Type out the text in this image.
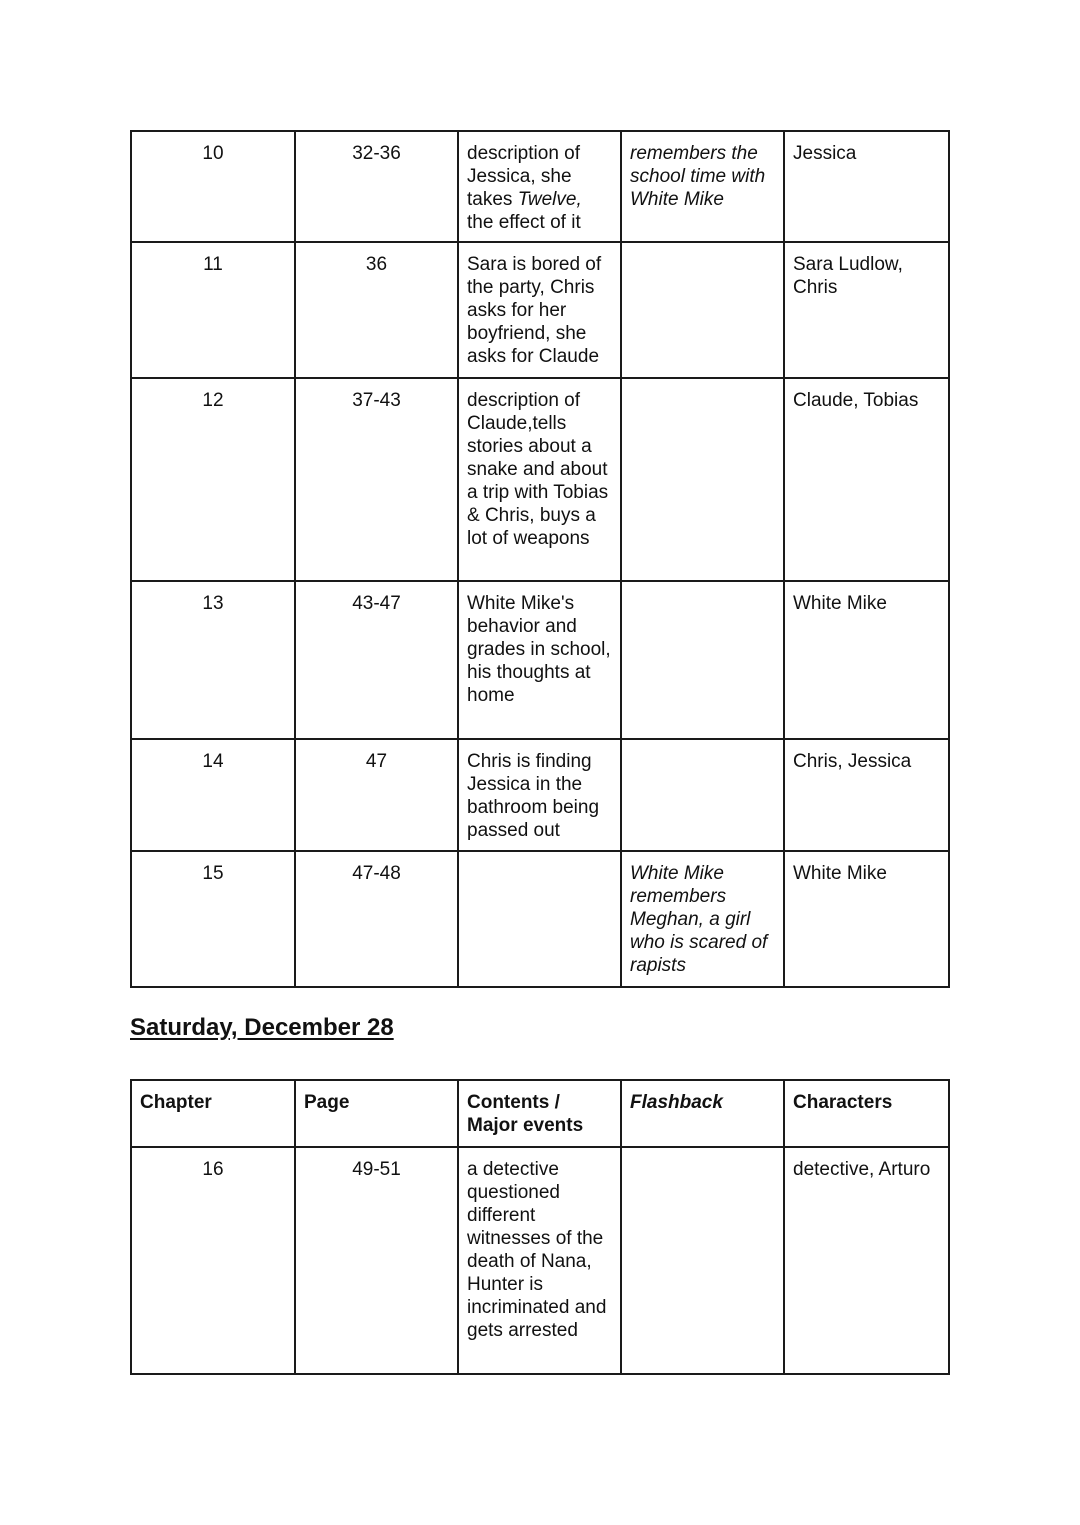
10	32-36	description of Jessica, she takes Twelve, the effect of it	remembers the school time with White Mike	Jessica
11	36	Sara is bored of the party, Chris asks for her boyfriend, she asks for Claude		Sara Ludlow, Chris
12	37-43	description of Claude,tells stories about a snake and about a trip with Tobias & Chris, buys a lot of weapons		Claude, Tobias
13	43-47	White Mike's behavior and grades in school, his thoughts at home		White Mike
14	47	Chris is finding Jessica in the bathroom being passed out		Chris, Jessica
15	47-48		White Mike remembers Meghan, a girl who is scared of rapists	White Mike
Saturday, December 28
Chapter	Page	Contents / Major events	Flashback	Characters
16	49-51	a detective questioned different witnesses of the death of Nana, Hunter is incriminated and gets arrested		detective, Arturo
